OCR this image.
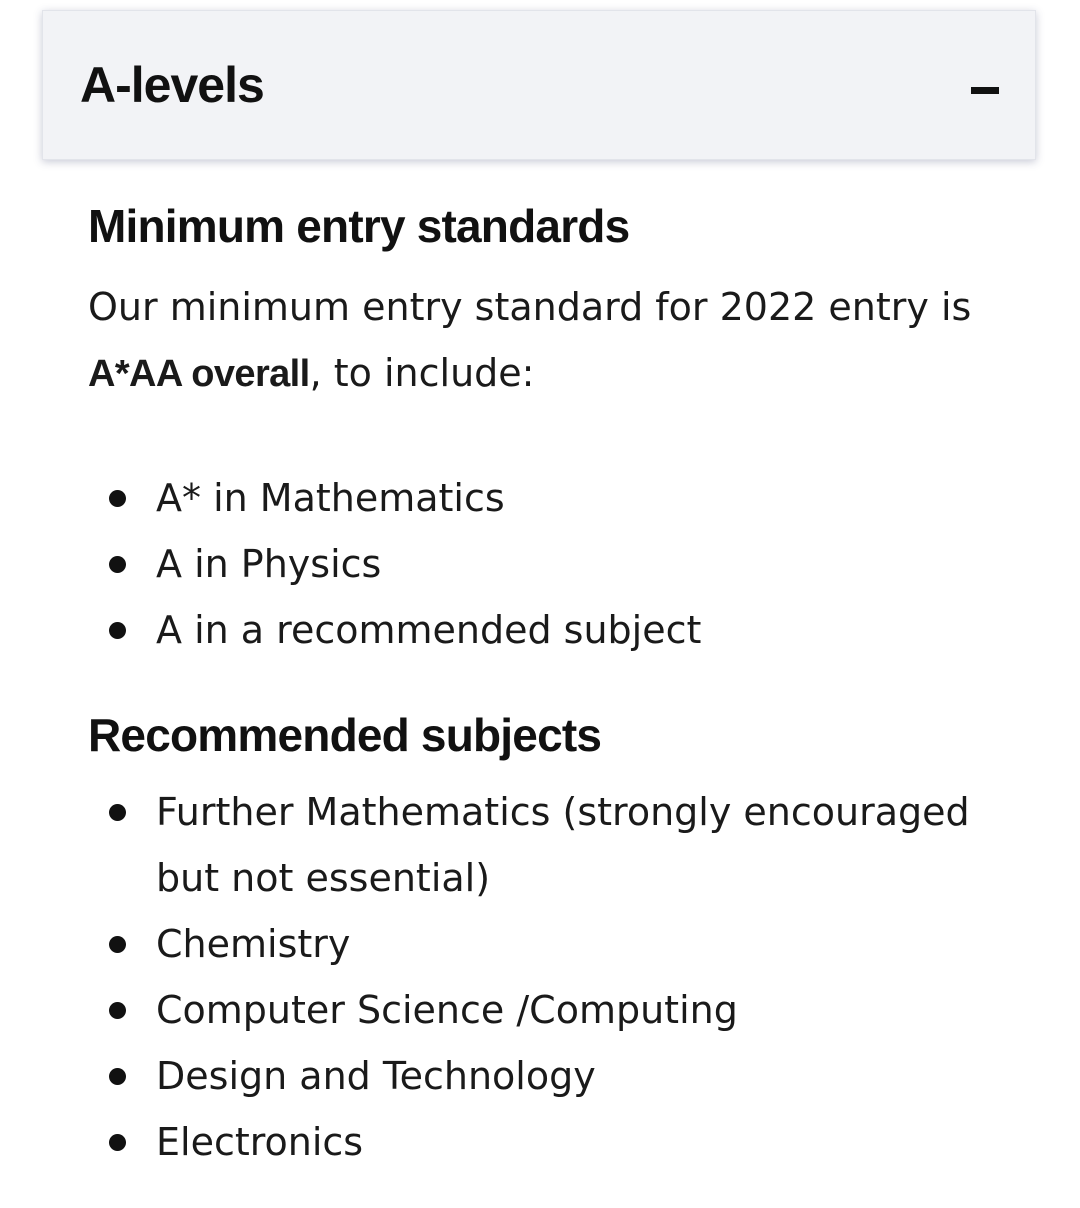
A-levels
Minimum entry standards

Our minimum entry standard for 2022 entry is A*AA overall, to include:

A* in Mathematics
A in Physics
A in a recommended subject
Recommended subjects
Further Mathematics (strongly encouraged but not essential)
Chemistry
Computer Science /Computing
Design and Technology
Electronics
